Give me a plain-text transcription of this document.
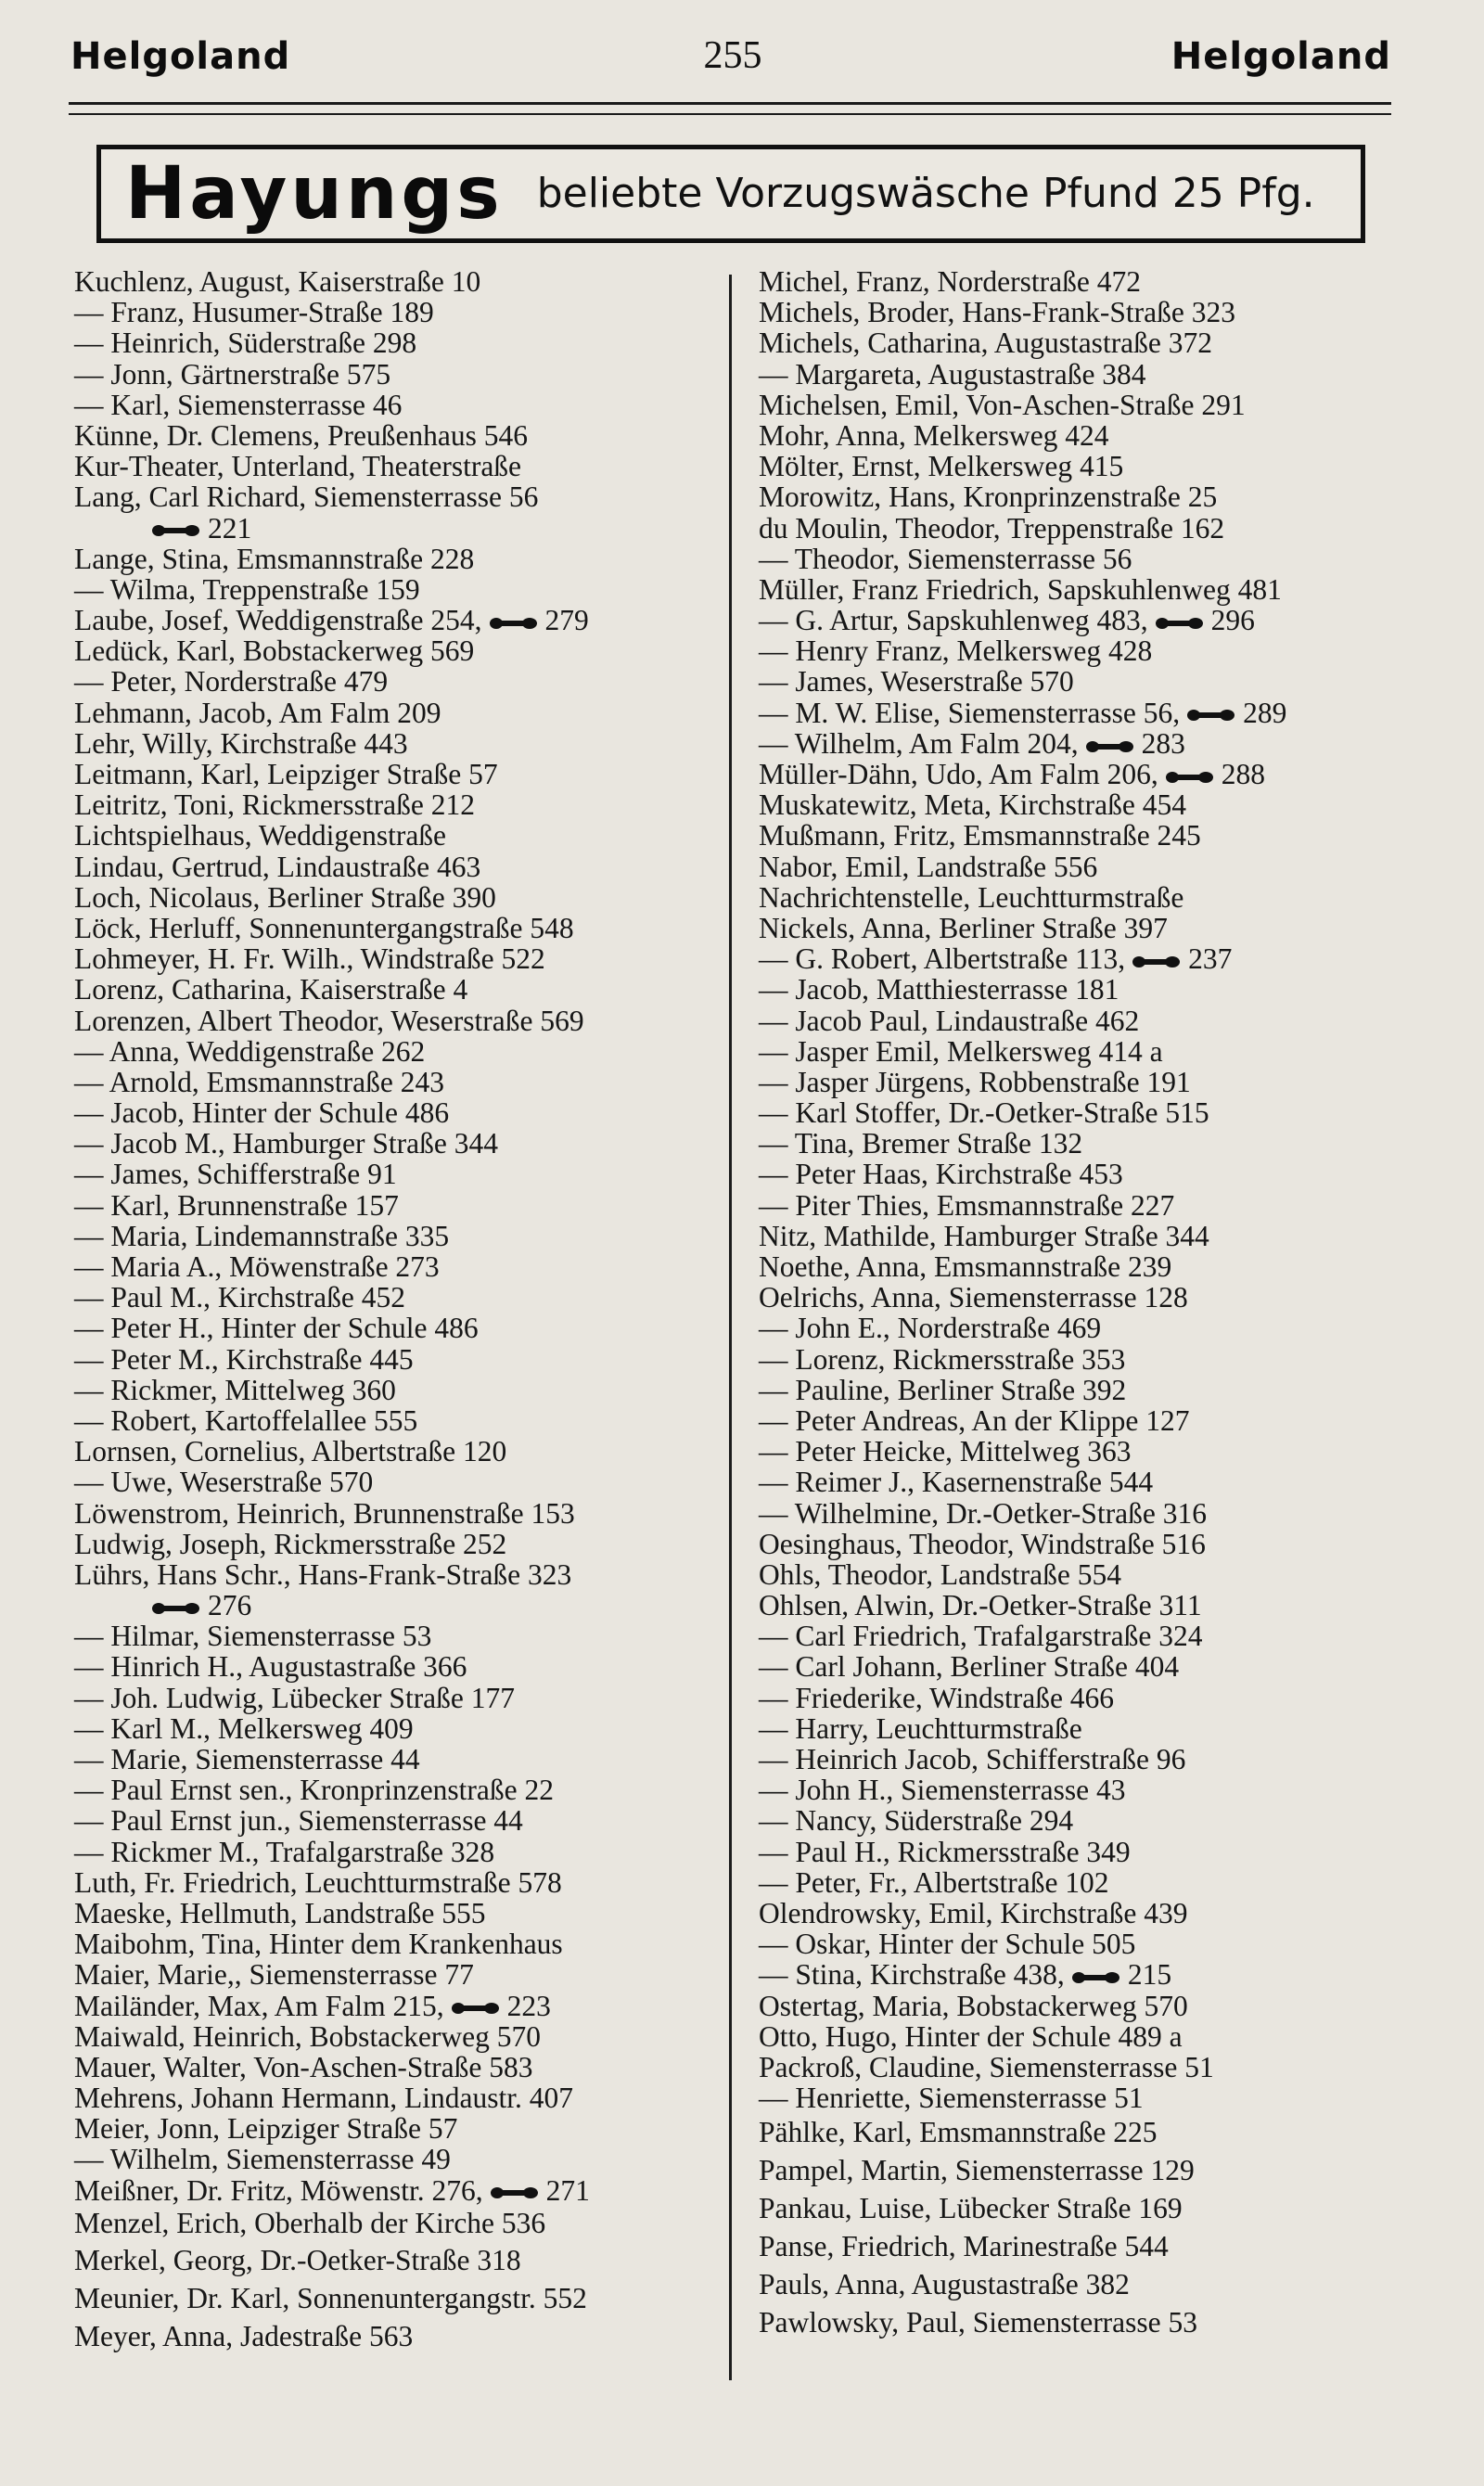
Helgoland	255	Helgoland
Hayungs beliebte Vorzugswäsche Pfund 25 Pfg.
Kuchlenz, August, Kaiserstraße 10
— Franz, Husumer-Straße 189
— Heinrich, Süderstraße 298
— Jonn, Gärtnerstraße 575
— Karl, Siemensterrasse 46
Künne, Dr. Clemens, Preußenhaus 546
Kur-Theater, Unterland, Theaterstraße
Lang, Carl Richard, Siemensterrasse 56
221
Lange, Stina, Emsmannstraße 228
— Wilma, Treppenstraße 159
Laube, Josef, Weddigenstraße 254, 279
Ledück, Karl, Bobstackerweg 569
— Peter, Norderstraße 479
Lehmann, Jacob, Am Falm 209
Lehr, Willy, Kirchstraße 443
Leitmann, Karl, Leipziger Straße 57
Leitritz, Toni, Rickmersstraße 212
Lichtspielhaus, Weddigenstraße
Lindau, Gertrud, Lindaustraße 463
Loch, Nicolaus, Berliner Straße 390
Löck, Herluff, Sonnenuntergangstraße 548
Lohmeyer, H. Fr. Wilh., Windstraße 522
Lorenz, Catharina, Kaiserstraße 4
Lorenzen, Albert Theodor, Weserstraße 569
— Anna, Weddigenstraße 262
— Arnold, Emsmannstraße 243
— Jacob, Hinter der Schule 486
— Jacob M., Hamburger Straße 344
— James, Schifferstraße 91
— Karl, Brunnenstraße 157
— Maria, Lindemannstraße 335
— Maria A., Möwenstraße 273
— Paul M., Kirchstraße 452
— Peter H., Hinter der Schule 486
— Peter M., Kirchstraße 445
— Rickmer, Mittelweg 360
— Robert, Kartoffelallee 555
Lornsen, Cornelius, Albertstraße 120
— Uwe, Weserstraße 570
Löwenstrom, Heinrich, Brunnenstraße 153
Ludwig, Joseph, Rickmersstraße 252
Lührs, Hans Schr., Hans-Frank-Straße 323
276
— Hilmar, Siemensterrasse 53
— Hinrich H., Augustastraße 366
— Joh. Ludwig, Lübecker Straße 177
— Karl M., Melkersweg 409
— Marie, Siemensterrasse 44
— Paul Ernst sen., Kronprinzenstraße 22
— Paul Ernst jun., Siemensterrasse 44
— Rickmer M., Trafalgarstraße 328
Luth, Fr. Friedrich, Leuchtturmstraße 578
Maeske, Hellmuth, Landstraße 555
Maibohm, Tina, Hinter dem Krankenhaus
Maier, Marie,, Siemensterrasse 77
Mailänder, Max, Am Falm 215, 223
Maiwald, Heinrich, Bobstackerweg 570
Mauer, Walter, Von-Aschen-Straße 583
Mehrens, Johann Hermann, Lindaustr. 407
Meier, Jonn, Leipziger Straße 57
— Wilhelm, Siemensterrasse 49
Meißner, Dr. Fritz, Möwenstr. 276, 271
Menzel, Erich, Oberhalb der Kirche 536
Merkel, Georg, Dr.-Oetker-Straße 318
Meunier, Dr. Karl, Sonnenuntergangstr. 552
Meyer, Anna, Jadestraße 563
Michel, Franz, Norderstraße 472
Michels, Broder, Hans-Frank-Straße 323
Michels, Catharina, Augustastraße 372
— Margareta, Augustastraße 384
Michelsen, Emil, Von-Aschen-Straße 291
Mohr, Anna, Melkersweg 424
Mölter, Ernst, Melkersweg 415
Morowitz, Hans, Kronprinzenstraße 25
du Moulin, Theodor, Treppenstraße 162
— Theodor, Siemensterrasse 56
Müller, Franz Friedrich, Sapskuhlenweg 481
— G. Artur, Sapskuhlenweg 483, 296
— Henry Franz, Melkersweg 428
— James, Weserstraße 570
— M. W. Elise, Siemensterrasse 56, 289
— Wilhelm, Am Falm 204, 283
Müller-Dähn, Udo, Am Falm 206, 288
Muskatewitz, Meta, Kirchstraße 454
Mußmann, Fritz, Emsmannstraße 245
Nabor, Emil, Landstraße 556
Nachrichtenstelle, Leuchtturmstraße
Nickels, Anna, Berliner Straße 397
— G. Robert, Albertstraße 113, 237
— Jacob, Matthiesterrasse 181
— Jacob Paul, Lindaustraße 462
— Jasper Emil, Melkersweg 414 a
— Jasper Jürgens, Robbenstraße 191
— Karl Stoffer, Dr.-Oetker-Straße 515
— Tina, Bremer Straße 132
— Peter Haas, Kirchstraße 453
— Piter Thies, Emsmannstraße 227
Nitz, Mathilde, Hamburger Straße 344
Noethe, Anna, Emsmannstraße 239
Oelrichs, Anna, Siemensterrasse 128
— John E., Norderstraße 469
— Lorenz, Rickmersstraße 353
— Pauline, Berliner Straße 392
— Peter Andreas, An der Klippe 127
— Peter Heicke, Mittelweg 363
— Reimer J., Kasernenstraße 544
— Wilhelmine, Dr.-Oetker-Straße 316
Oesinghaus, Theodor, Windstraße 516
Ohls, Theodor, Landstraße 554
Ohlsen, Alwin, Dr.-Oetker-Straße 311
— Carl Friedrich, Trafalgarstraße 324
— Carl Johann, Berliner Straße 404
— Friederike, Windstraße 466
— Harry, Leuchtturmstraße
— Heinrich Jacob, Schifferstraße 96
— John H., Siemensterrasse 43
— Nancy, Süderstraße 294
— Paul H., Rickmersstraße 349
— Peter, Fr., Albertstraße 102
Olendrowsky, Emil, Kirchstraße 439
— Oskar, Hinter der Schule 505
— Stina, Kirchstraße 438, 215
Ostertag, Maria, Bobstackerweg 570
Otto, Hugo, Hinter der Schule 489 a
Packroß, Claudine, Siemensterrasse 51
— Henriette, Siemensterrasse 51
Pählke, Karl, Emsmannstraße 225
Pampel, Martin, Siemensterrasse 129
Pankau, Luise, Lübecker Straße 169
Panse, Friedrich, Marinestraße 544
Pauls, Anna, Augustastraße 382
Pawlowsky, Paul, Siemensterrasse 53
